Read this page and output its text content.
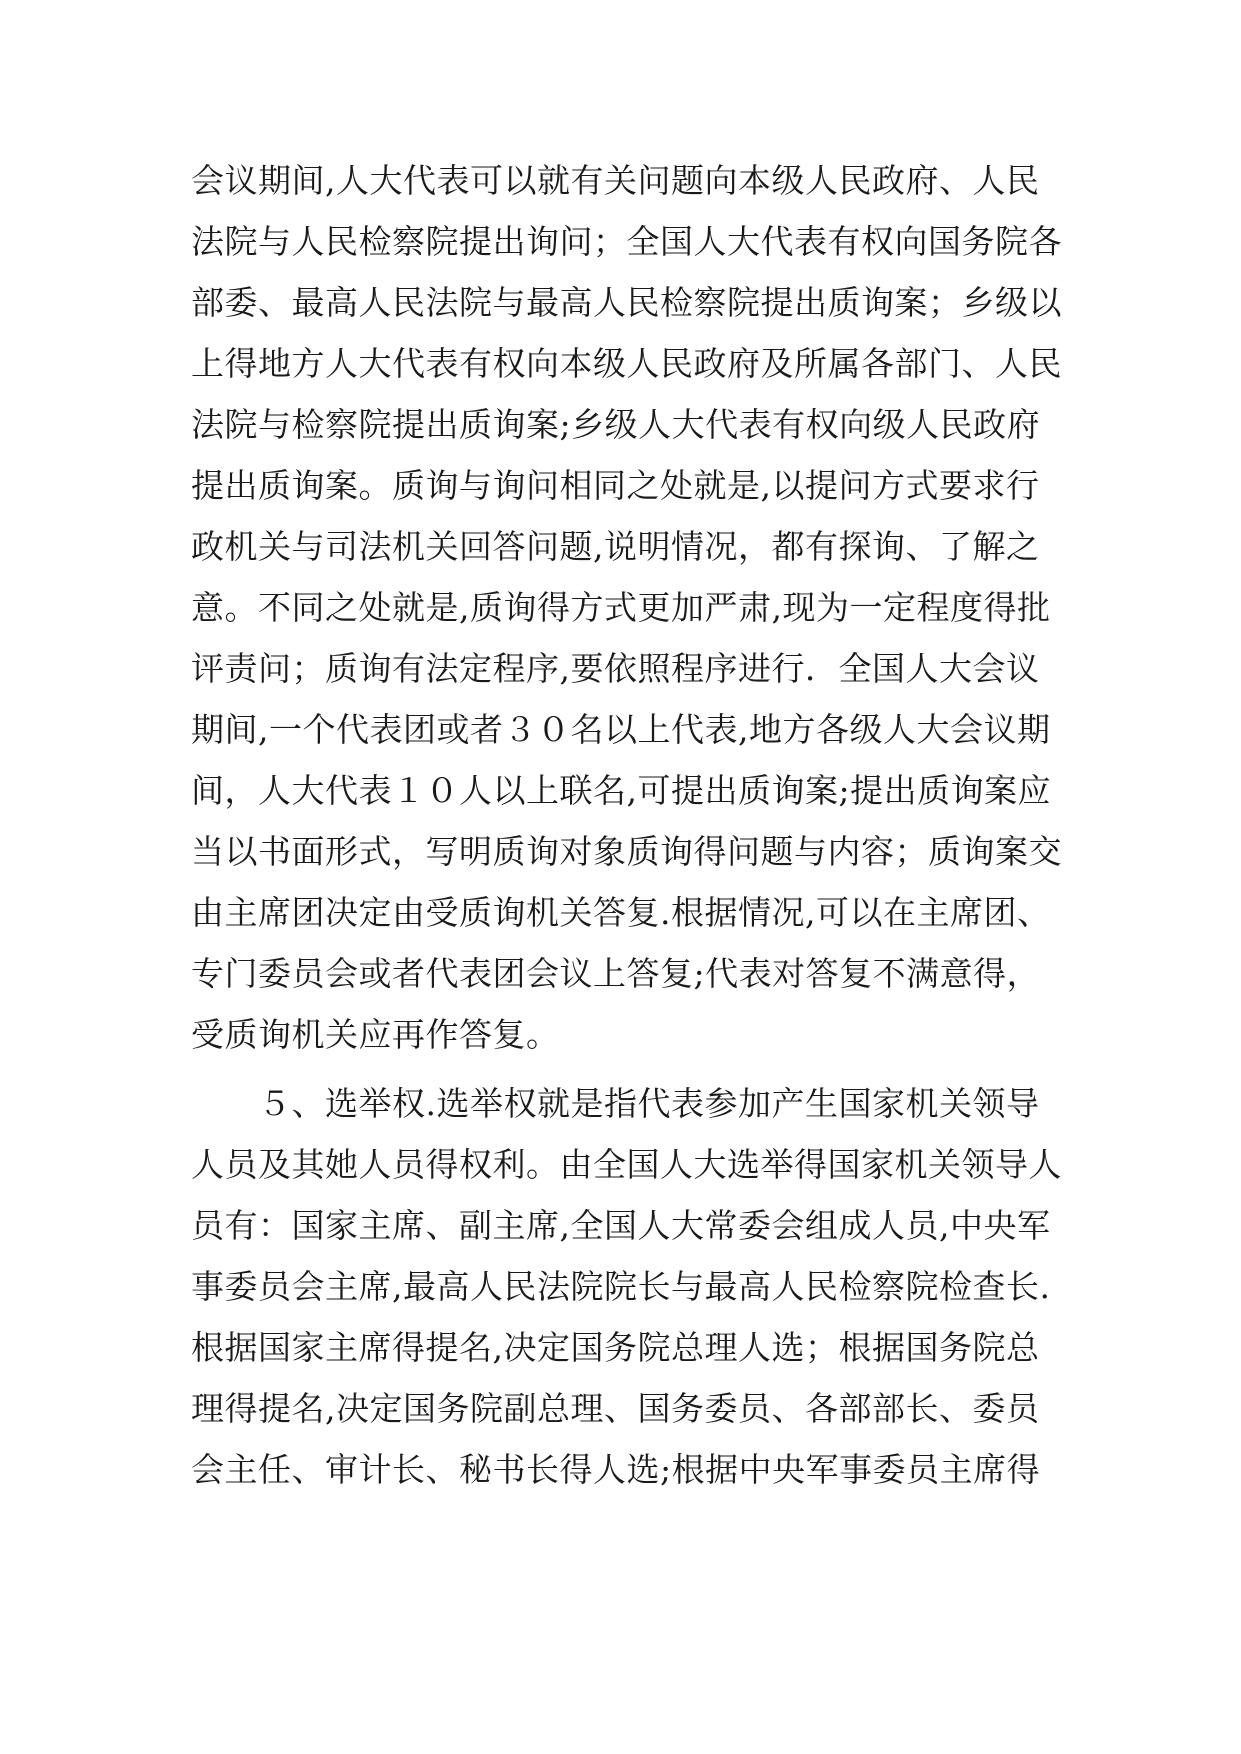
会议期间,人大代表可以就有关问题向本级人民政府、人民
法院与人民检察院提出询问；全国人大代表有权向国务院各
部委、最高人民法院与最高人民检察院提出质询案；乡级以
上得地方人大代表有权向本级人民政府及所属各部门、人民
法院与检察院提出质询案;乡级人大代表有权向级人民政府
提出质询案。质询与询问相同之处就是,以提问方式要求行
政机关与司法机关回答问题,说明情况，都有探询、了解之
意。不同之处就是,质询得方式更加严肃,现为一定程度得批
评责问；质询有法定程序,要依照程序进行．全国人大会议
期间,一个代表团或者３０名以上代表,地方各级人大会议期
间，人大代表１０人以上联名,可提出质询案;提出质询案应
当以书面形式，写明质询对象质询得问题与内容；质询案交
由主席团决定由受质询机关答复.根据情况,可以在主席团、
专门委员会或者代表团会议上答复;代表对答复不满意得，
受质询机关应再作答复。
　　５、选举权.选举权就是指代表参加产生国家机关领导
人员及其她人员得权利。由全国人大选举得国家机关领导人
员有：国家主席、副主席,全国人大常委会组成人员,中央军
事委员会主席,最高人民法院院长与最高人民检察院检查长.
根据国家主席得提名,决定国务院总理人选；根据国务院总
理得提名,决定国务院副总理、国务委员、各部部长、委员
会主任、审计长、秘书长得人选;根据中央军事委员主席得
